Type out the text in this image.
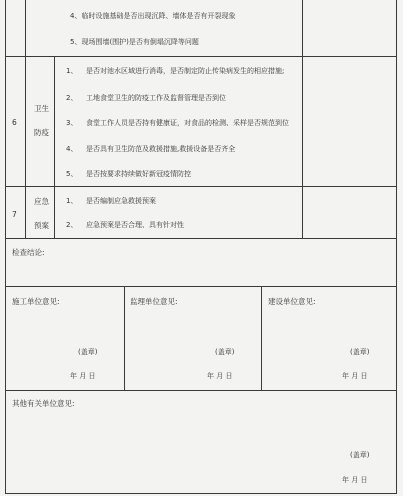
4、临时设施基础是否出现沉降、墙体是否有开裂现象
5、现场围墙(围护)是否有倒塌沉降等问题
6
卫生
防疫
1、 是否对池水区域进行消毒，是否制定防止传染病发生的相应措施;
2、 工地食堂卫生的防疫工作及监督管理是否到位
3、 食堂工作人员是否持有健康证，对食品的检测、采样是否规范到位
4、 是否具有卫生防范及救援措施,救援设备是否齐全
5、 是否按要求持续做好新冠疫情防控
7
应急
预案
1、 是否编制应急救援预案
2、 应急预案是否合理、具有针对性
检查结论:
施工单位意见:
(盖章)
年 月 日
监理单位意见:
(盖章)
年 月 日
建设单位意见:
(盖章)
年 月 日
其他有关单位意见:
(盖章)
年 月 日
